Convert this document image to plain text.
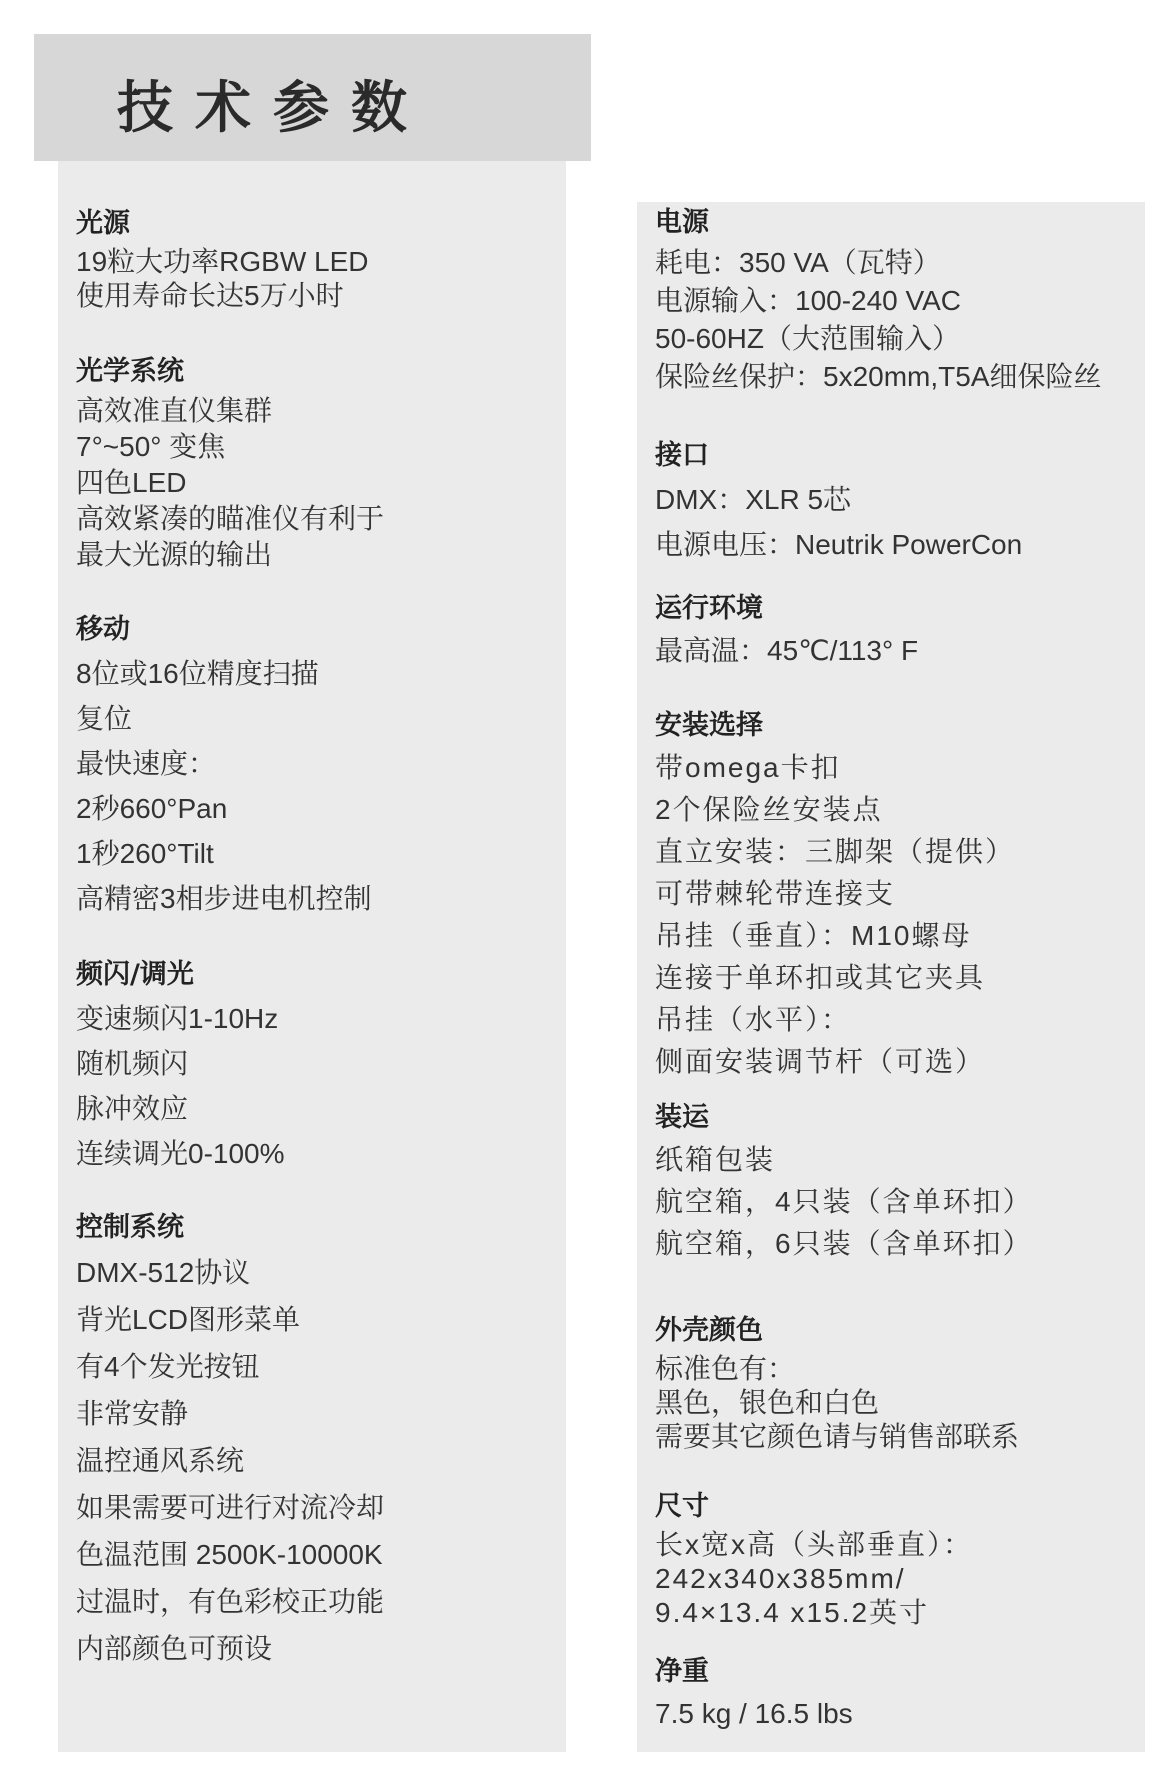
技术参数

光源

19粒大功率RGBW LED

使用寿命长达5万小时

光学系统

高效准直仪集群

7°~50° 变焦

四色LED

高效紧凑的瞄准仪有利于

最大光源的输出

移动

8位或16位精度扫描

复位

最快速度：

2秒660°Pan

1秒260°Tilt

高精密3相步进电机控制

频闪/调光

变速频闪1-10Hz

随机频闪

脉冲效应

连续调光0-100%

控制系统

DMX-512协议

背光LCD图形菜单

有4个发光按钮

非常安静

温控通风系统

如果需要可进行对流冷却

色温范围 2500K-10000K

过温时，有色彩校正功能

内部颜色可预设

电源

耗电：350 VA（瓦特）

电源输入：100-240 VAC

50-60HZ（大范围输入）

保险丝保护：5x20mm,T5A细保险丝

接口

DMX：XLR 5芯

电源电压：Neutrik PowerCon

运行环境

最高温：45℃/113° F

安装选择

带omega卡扣

2个保险丝安装点

直立安装：三脚架（提供）

可带棘轮带连接支

吊挂（垂直）：M10螺母

连接于单环扣或其它夹具

吊挂（水平）：

侧面安装调节杆（可选）

装运

纸箱包装

航空箱，4只装（含单环扣）

航空箱，6只装（含单环扣）

外壳颜色

标准色有：

黑色，银色和白色

需要其它颜色请与销售部联系

尺寸

长x宽x高（头部垂直）：

242x340x385mm/

9.4×13.4 x15.2英寸

净重

7.5 kg / 16.5 lbs
